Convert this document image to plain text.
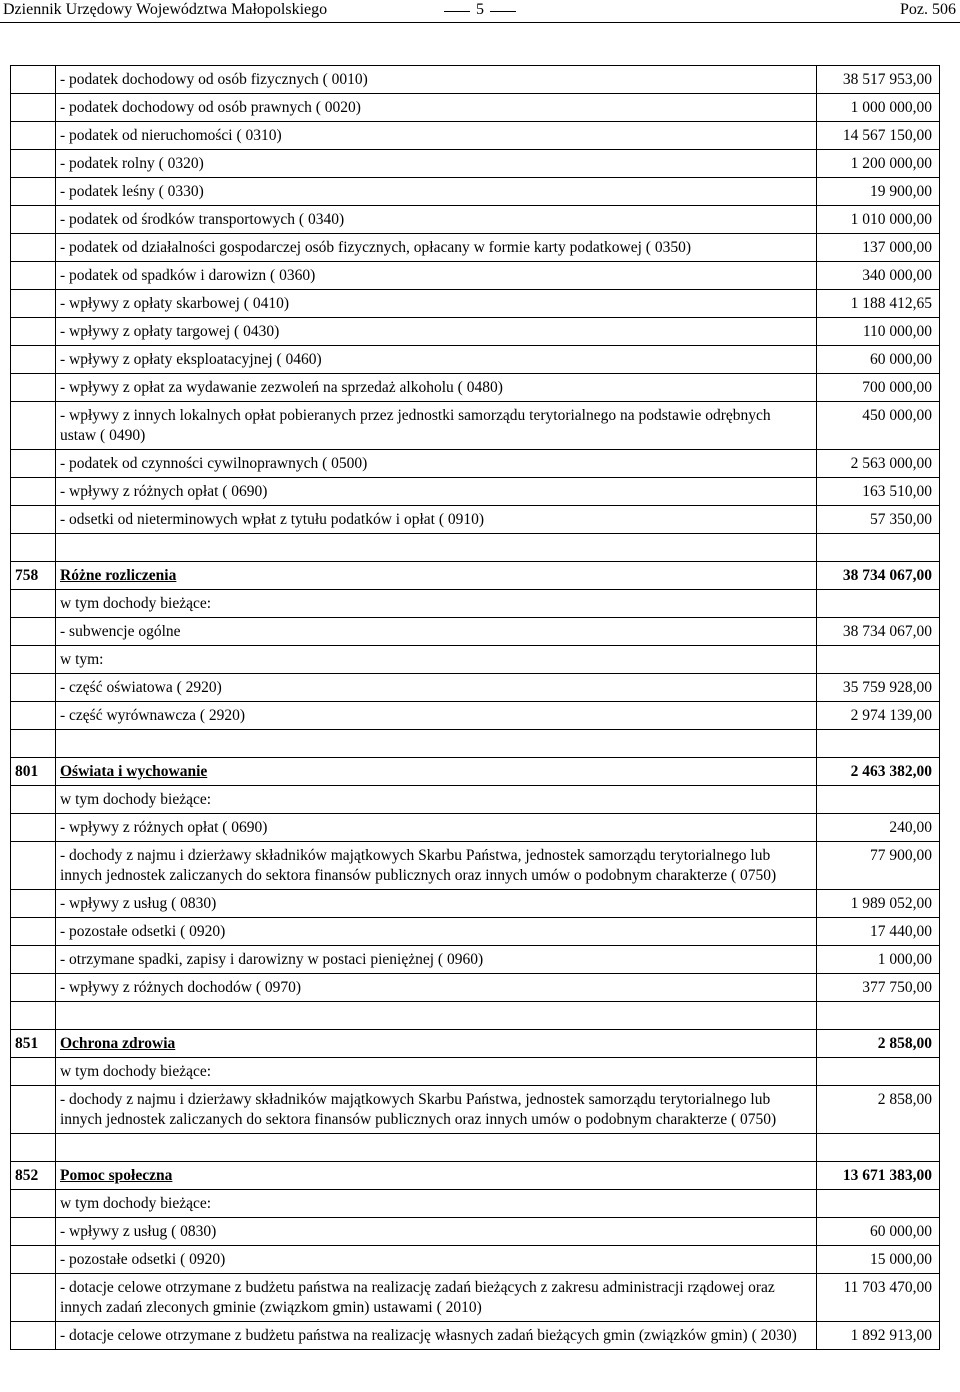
Dziennik Urzędowy Województwa Małopolskiego	5	Poz. 506
	- podatek dochodowy od osób fizycznych ( 0010)	38 517 953,00
	- podatek dochodowy od osób prawnych ( 0020)	1 000 000,00
	- podatek od nieruchomości ( 0310)	14 567 150,00
	- podatek rolny ( 0320)	1 200 000,00
	- podatek leśny ( 0330)	19 900,00
	- podatek od środków transportowych ( 0340)	1 010 000,00
	- podatek od działalności gospodarczej osób fizycznych, opłacany w formie karty podatkowej ( 0350)	137 000,00
	- podatek od spadków i darowizn ( 0360)	340 000,00
	- wpływy z opłaty skarbowej ( 0410)	1 188 412,65
	- wpływy z opłaty targowej ( 0430)	110 000,00
	- wpływy z opłaty eksploatacyjnej ( 0460)	60 000,00
	- wpływy z opłat za wydawanie zezwoleń na sprzedaż alkoholu ( 0480)	700 000,00
	- wpływy z innych lokalnych opłat pobieranych przez jednostki samorządu terytorialnego na podstawie odrębnych ustaw ( 0490)	450 000,00
	- podatek od czynności cywilnoprawnych ( 0500)	2 563 000,00
	- wpływy z różnych opłat ( 0690)	163 510,00
	- odsetki od nieterminowych wpłat z tytułu podatków i opłat ( 0910)	57 350,00

758	Różne rozliczenia	38 734 067,00
	w tym dochody bieżące:	
	- subwencje ogólne	38 734 067,00
	w tym:	
	- część oświatowa ( 2920)	35 759 928,00
	- część wyrównawcza ( 2920)	2 974 139,00

801	Oświata i wychowanie	2 463 382,00
	w tym dochody bieżące:	
	- wpływy z różnych opłat ( 0690)	240,00
	- dochody z najmu i dzierżawy składników majątkowych Skarbu Państwa, jednostek samorządu terytorialnego lub innych jednostek zaliczanych do sektora finansów publicznych oraz innych umów o podobnym charakterze ( 0750)	77 900,00
	- wpływy z usług ( 0830)	1 989 052,00
	- pozostałe odsetki ( 0920)	17 440,00
	- otrzymane spadki, zapisy i darowizny w postaci pieniężnej ( 0960)	1 000,00
	- wpływy z różnych dochodów ( 0970)	377 750,00

851	Ochrona zdrowia	2 858,00
	w tym dochody bieżące:	
	- dochody z najmu i dzierżawy składników majątkowych Skarbu Państwa, jednostek samorządu terytorialnego lub innych jednostek zaliczanych do sektora finansów publicznych oraz innych umów o podobnym charakterze ( 0750)	2 858,00

852	Pomoc społeczna	13 671 383,00
	w tym dochody bieżące:	
	- wpływy z usług ( 0830)	60 000,00
	- pozostałe odsetki ( 0920)	15 000,00
	- dotacje celowe otrzymane z budżetu państwa na realizację zadań bieżących z zakresu administracji rządowej oraz innych zadań zleconych gminie (związkom gmin) ustawami ( 2010)	11 703 470,00
	- dotacje celowe otrzymane z budżetu państwa na realizację własnych zadań bieżących gmin (związków gmin) ( 2030)	1 892 913,00
